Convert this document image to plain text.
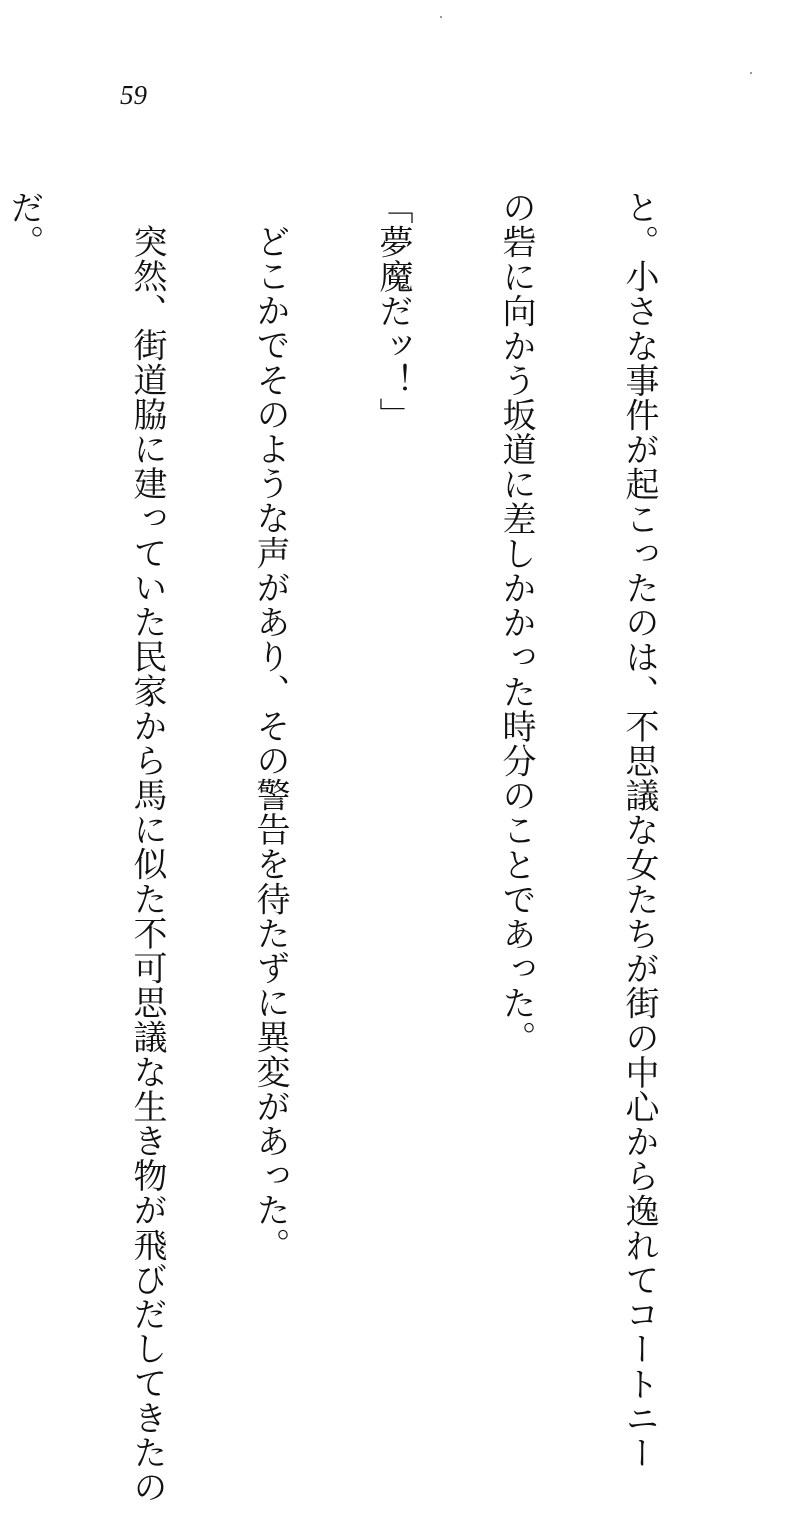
59

と。小さな事件が起こったのは、不思議な女たちが街の中心から逸れてコートニー

の砦に向かう坂道に差しかかった時分のことであった。

「夢魔だッ！」

どこかでそのような声があり、その警告を待たずに異変があった。

突然、街道脇に建っていた民家から馬に似た不可思議な生き物が飛びだしてきたの

だ。
